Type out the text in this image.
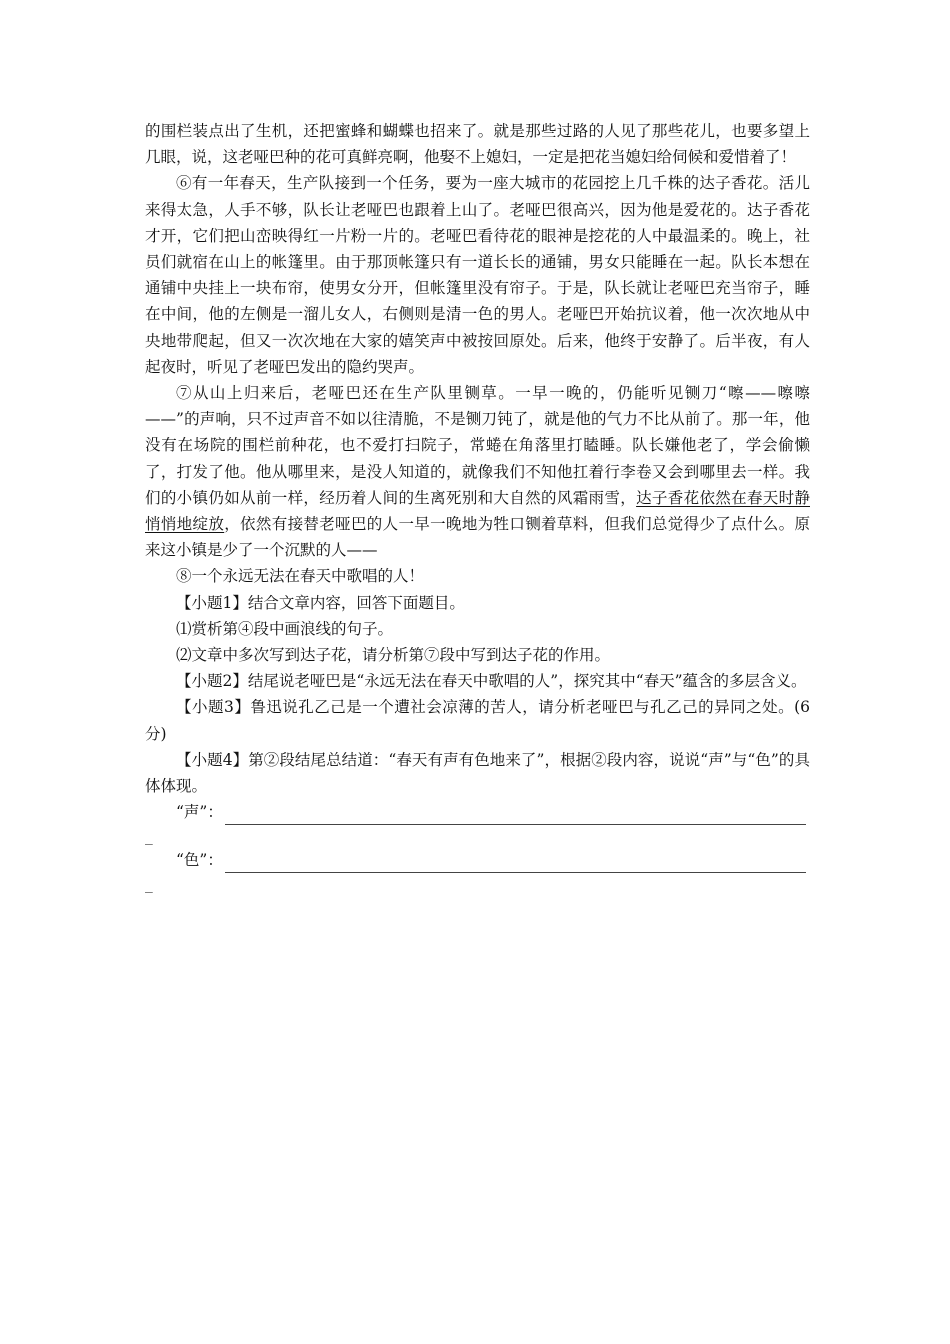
的围栏装点出了生机，还把蜜蜂和蝴蝶也招来了。就是那些过路的人见了那些花儿，也要多望上几眼，说，这老哑巴种的花可真鲜亮啊，他娶不上媳妇，一定是把花当媳妇给伺候和爱惜着了！

⑥有一年春天，生产队接到一个任务，要为一座大城市的花园挖上几千株的达子香花。活儿来得太急，人手不够，队长让老哑巴也跟着上山了。老哑巴很高兴，因为他是爱花的。达子香花才开，它们把山峦映得红一片粉一片的。老哑巴看待花的眼神是挖花的人中最温柔的。晚上，社员们就宿在山上的帐篷里。由于那顶帐篷只有一道长长的通铺，男女只能睡在一起。队长本想在通铺中央挂上一块布帘，使男女分开，但帐篷里没有帘子。于是，队长就让老哑巴充当帘子，睡在中间，他的左侧是一溜儿女人，右侧则是清一色的男人。老哑巴开始抗议着，他一次次地从中央地带爬起，但又一次次地在大家的嬉笑声中被按回原处。后来，他终于安静了。后半夜，有人起夜时，听见了老哑巴发出的隐约哭声。

⑦从山上归来后，老哑巴还在生产队里铡草。一早一晚的，仍能听见铡刀“嚓——嚓嚓——”的声响，只不过声音不如以往清脆，不是铡刀钝了，就是他的气力不比从前了。那一年，他没有在场院的围栏前种花，也不爱打扫院子，常蜷在角落里打瞌睡。队长嫌他老了，学会偷懒了，打发了他。他从哪里来，是没人知道的，就像我们不知他扛着行李卷又会到哪里去一样。我们的小镇仍如从前一样，经历着人间的生离死别和大自然的风霜雨雪，达子香花依然在春天时静悄悄地绽放，依然有接替老哑巴的人一早一晚地为牲口铡着草料，但我们总觉得少了点什么。原来这小镇是少了一个沉默的人——

⑧一个永远无法在春天中歌唱的人！

【小题1】结合文章内容，回答下面题目。

⑴赏析第④段中画浪线的句子。

⑵文章中多次写到达子花，请分析第⑦段中写到达子花的作用。

【小题2】结尾说老哑巴是“永远无法在春天中歌唱的人”，探究其中“春天”蕴含的多层含义。

【小题3】鲁迅说孔乙己是一个遭社会凉薄的苦人，请分析老哑巴与孔乙己的异同之处。(6分)

【小题4】第②段结尾总结道：“春天有声有色地来了”，根据②段内容，说说“声”与“色”的具体体现。

“声”：
_
“色”：
_
